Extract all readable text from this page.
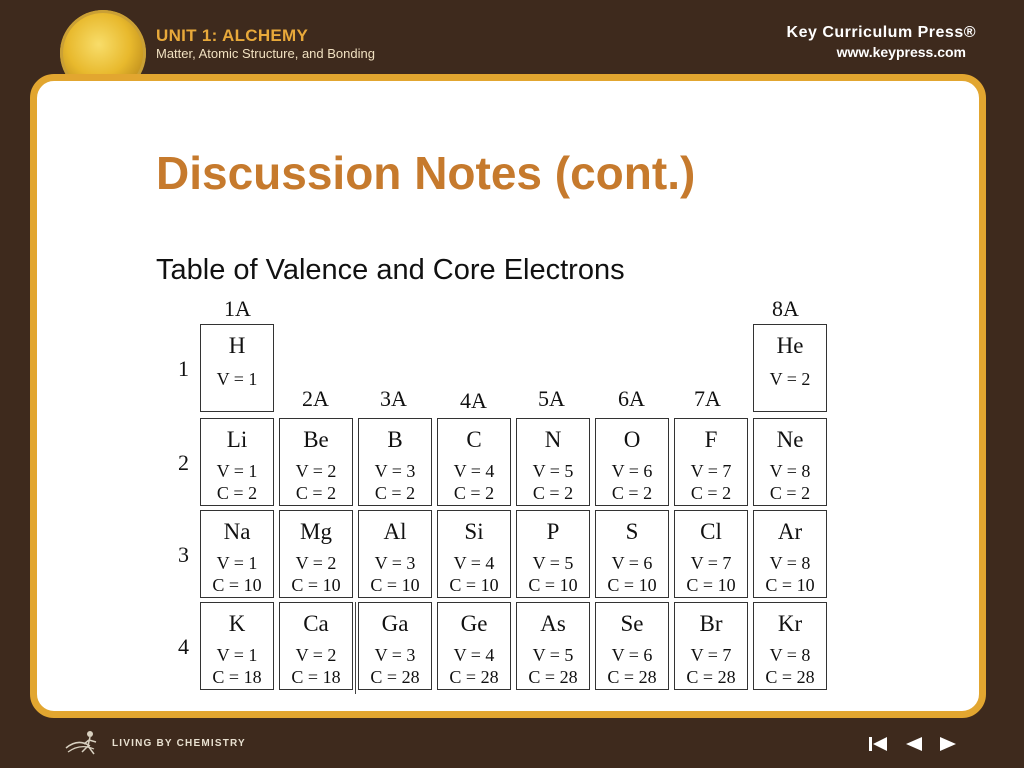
UNIT 1: ALCHEMY
Matter, Atomic Structure, and Bonding
Key Curriculum Press®
www.keypress.com
Discussion Notes (cont.)
Table of Valence and Core Electrons
1A
2A 3A 4A 5A 6A 7A
8A
1
2
3
4
H
V = 1
He
V = 2
Li
V = 1
C = 2
Be
V = 2
C = 2
B
V = 3
C = 2
C
V = 4
C = 2
N
V = 5
C = 2
O
V = 6
C = 2
F
V = 7
C = 2
Ne
V = 8
C = 2
Na
V = 1
C = 10
Mg
V = 2
C = 10
Al
V = 3
C = 10
Si
V = 4
C = 10
P
V = 5
C = 10
S
V = 6
C = 10
Cl
V = 7
C = 10
Ar
V = 8
C = 10
K
V = 1
C = 18
Ca
V = 2
C = 18
Ga
V = 3
C = 28
Ge
V = 4
C = 28
As
V = 5
C = 28
Se
V = 6
C = 28
Br
V = 7
C = 28
Kr
V = 8
C = 28
LIVING BY CHEMISTRY
